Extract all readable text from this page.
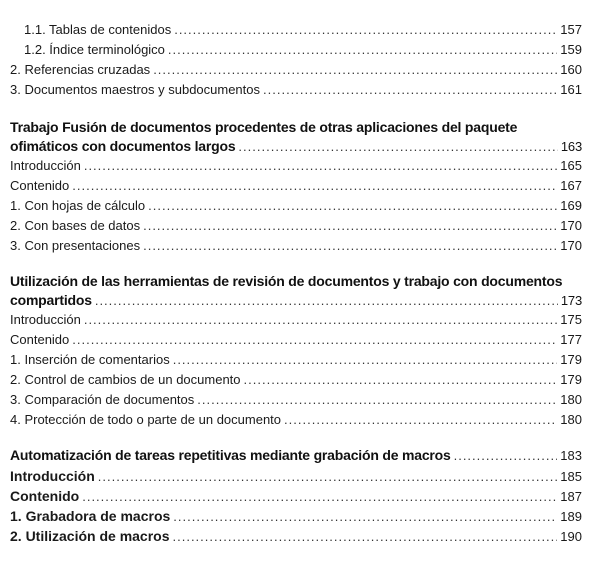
1.1. Tablas de contenidos .....	157
1.2. Índice terminológico .....	159
2. Referencias cruzadas .....	160
3. Documentos maestros y subdocumentos .....	161
Trabajo Fusión de documentos procedentes de otras aplicaciones del paquete
ofimáticos con documentos largos .....	163
Introducción .....	165
Contenido .....	167
1. Con hojas de cálculo .....	169
2. Con bases de datos .....	170
3. Con presentaciones .....	170
Utilización de las herramientas de revisión de documentos y trabajo con documentos
compartidos .....	173
Introducción .....	175
Contenido .....	177
1. Inserción de comentarios .....	179
2. Control de cambios de un documento .....	179
3. Comparación de documentos .....	180
4. Protección de todo o parte de un documento .....	180
Automatización de tareas repetitivas mediante grabación de macros .....	183
Introducción .....	185
Contenido .....	187
1. Grabadora de macros .....	189
2. Utilización de macros .....	190
